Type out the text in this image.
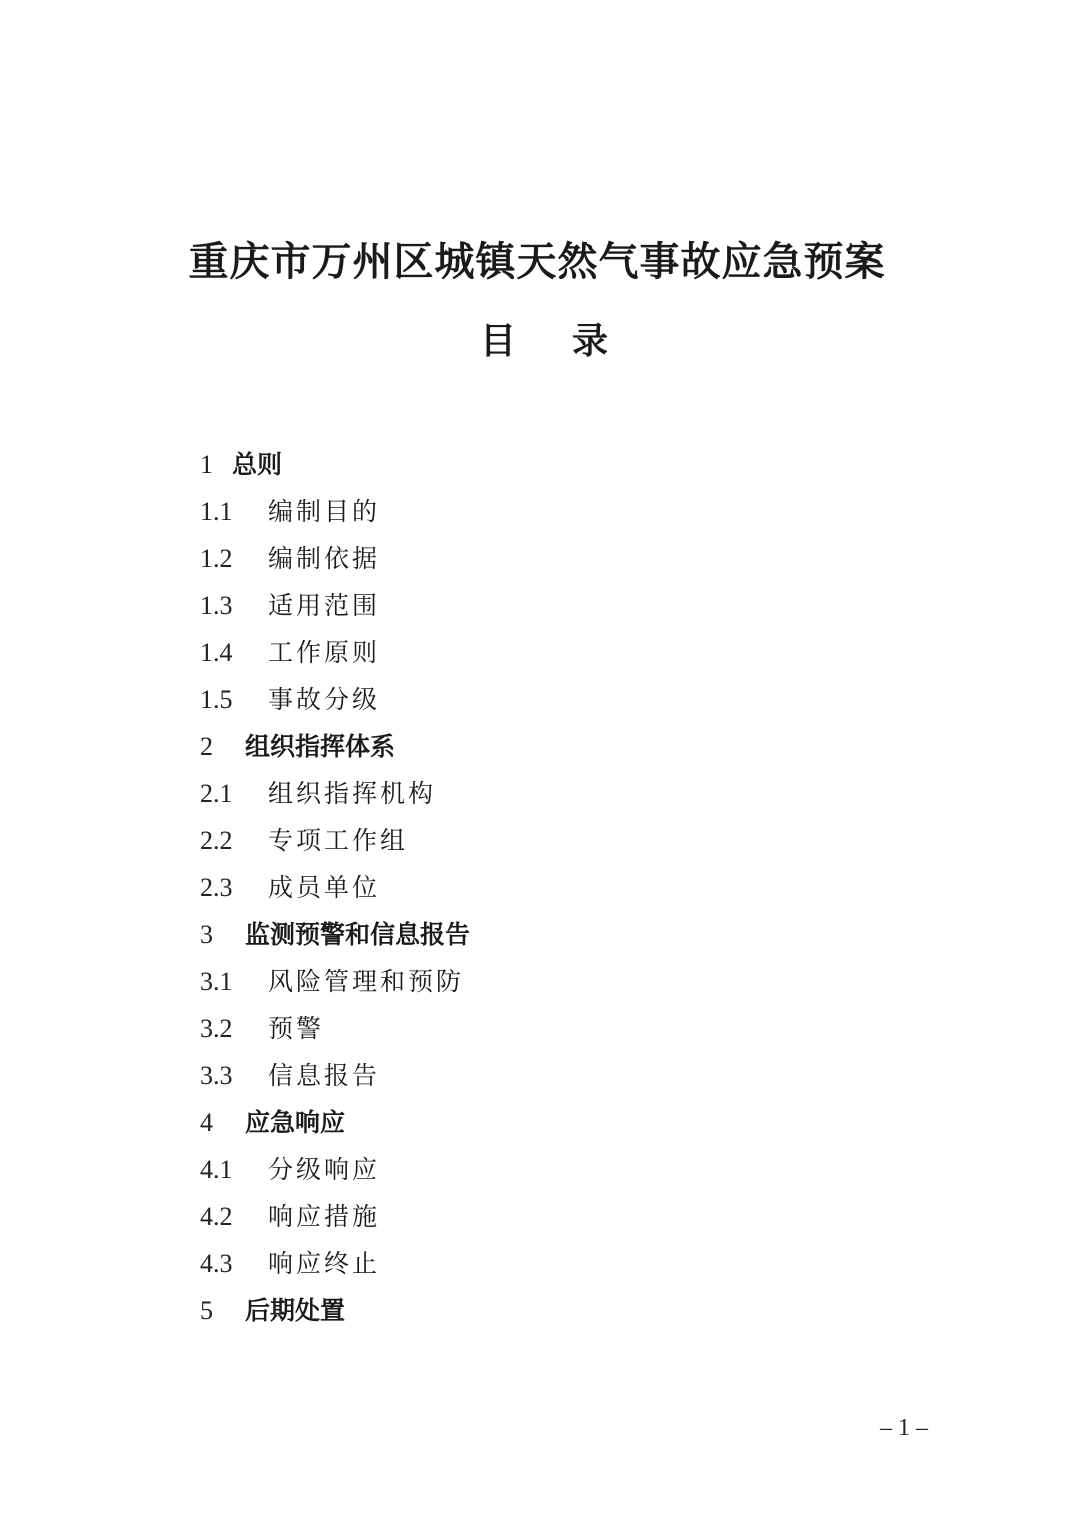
重庆市万州区城镇天然气事故应急预案
目 录
1 总则
1.1 编制目的
1.2 编制依据
1.3 适用范围
1.4 工作原则
1.5 事故分级
2 组织指挥体系
2.1 组织指挥机构
2.2 专项工作组
2.3 成员单位
3 监测预警和信息报告
3.1 风险管理和预防
3.2 预警
3.3 信息报告
4 应急响应
4.1 分级响应
4.2 响应措施
4.3 响应终止
5 后期处置
– 1 –
